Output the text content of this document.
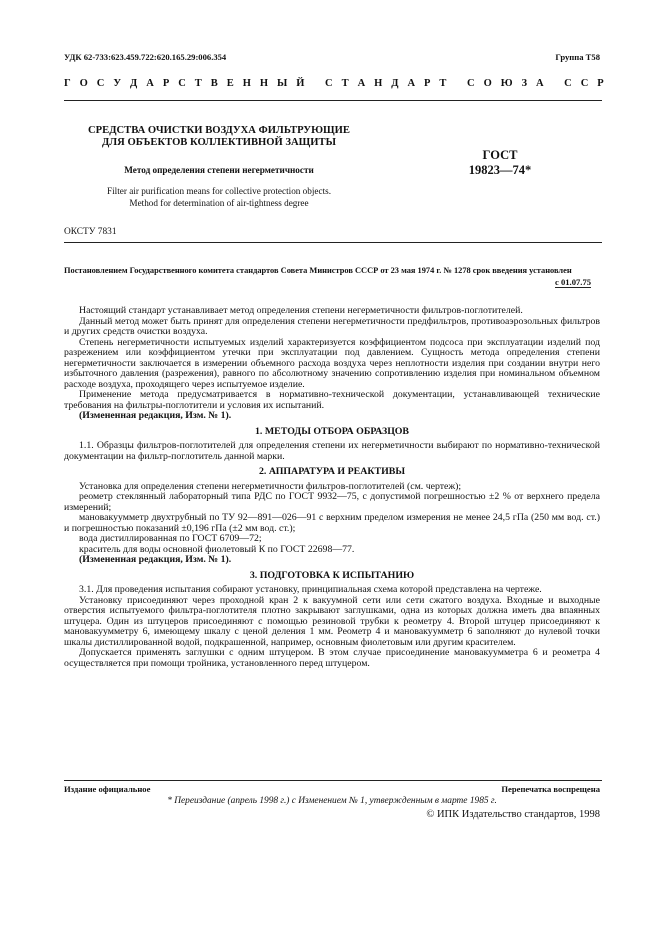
УДК 62-733:623.459.722:620.165.29:006.354	Группа Т58
Г О С У Д А Р С Т В Е Н Н Ы Й
С Т А Н Д А Р Т
С О Ю З А
С С Р
СРЕДСТВА ОЧИСТКИ ВОЗДУХА ФИЛЬТРУЮЩИЕ
ДЛЯ ОБЪЕКТОВ КОЛЛЕКТИВНОЙ ЗАЩИТЫ
Метод определения степени негерметичности
Filter air purification means for collective protection objects.
Method for determination of air-tightness degree
ГОСТ
19823—74*
ОКСТУ 7831
Постановлением Государственного комитета стандартов Совета Министров СССР от 23 мая 1974 г. № 1278 срок введения установлен
с 01.07.75

Настоящий стандарт устанавливает метод определения степени негерметичности фильтров-поглотителей.

Данный метод может быть принят для определения степени негерметичности предфильтров, противоаэрозольных фильтров и других средств очистки воздуха.

Степень негерметичности испытуемых изделий характеризуется коэффициентом подсоса при эксплуатации изделий под разрежением или коэффициентом утечки при эксплуатации под давлением. Сущность метода определения степени негерметичности заключается в измерении объемного расхода воздуха через неплотности изделия при создании внутри него избыточного давления (разрежения), равного по абсолютному значению сопротивлению изделия при номинальном объемном расходе воздуха, проходящего через испытуемое изделие.

Применение метода предусматривается в нормативно-технической документации, устанавливающей технические требования на фильтры-поглотители и условия их испытаний.

(Измененная редакция, Изм. № 1).

1. МЕТОДЫ ОТБОРА ОБРАЗЦОВ

1.1. Образцы фильтров-поглотителей для определения степени их негерметичности выбирают по нормативно-технической документации на фильтр-поглотитель данной марки.

2. АППАРАТУРА И РЕАКТИВЫ

Установка для определения степени негерметичности фильтров-поглотителей (см. чертеж);

реометр стеклянный лабораторный типа РДС по ГОСТ 9932—75, с допустимой погрешностью ±2 % от верхнего предела измерений;

мановакуумметр двухтрубный по ТУ 92—891—026—91 с верхним пределом измерения не менее 24,5 гПа (250 мм вод. ст.) и погрешностью показаний ±0,196 гПа (±2 мм вод. ст.);

вода дистиллированная по ГОСТ 6709—72;

краситель для воды основной фиолетовый К по ГОСТ 22698—77.

(Измененная редакция, Изм. № 1).

3. ПОДГОТОВКА К ИСПЫТАНИЮ

3.1. Для проведения испытания собирают установку, принципиальная схема которой представлена на чертеже.

Установку присоединяют через проходной кран 2 к вакуумной сети или сети сжатого воздуха. Входные и выходные отверстия испытуемого фильтра-поглотителя плотно закрывают заглушками, одна из которых должна иметь два впаянных штуцера. Один из штуцеров присоединяют с помощью резиновой трубки к реометру 4. Второй штуцер присоединяют к мановакуумметру 6, имеющему шкалу с ценой деления 1 мм. Реометр 4 и мановакуумметр 6 заполняют до нулевой точки шкалы дистиллированной водой, подкрашенной, например, основным фиолетовым или другим красителем.

Допускается применять заглушки с одним штуцером. В этом случае присоединение мановакуумметра 6 и реометра 4 осуществляется при помощи тройника, установленного перед штуцером.

Издание официальное	Перепечатка воспрещена
* Переиздание (апрель 1998 г.) с Изменением № 1, утвержденным в марте 1985 г.
© ИПК Издательство стандартов, 1998
